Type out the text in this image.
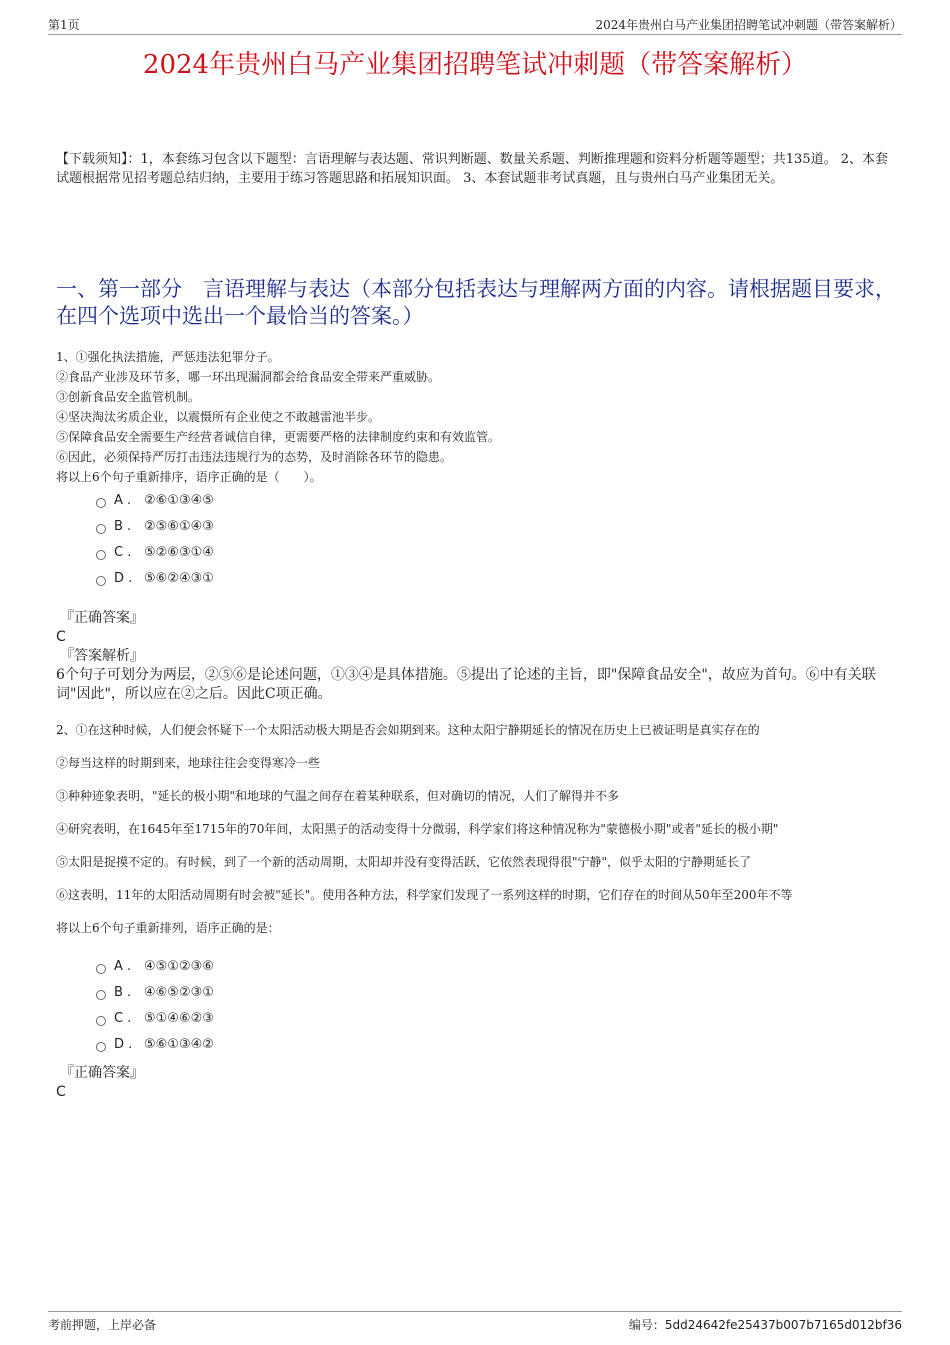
第1页	2024年贵州白马产业集团招聘笔试冲刺题（带答案解析）
2024年贵州白马产业集团招聘笔试冲刺题（带答案解析）
【下载须知】：1，本套练习包含以下题型：言语理解与表达题、常识判断题、数量关系题、判断推理题和资料分析题等题型；共135道。 2、本套试题根据常见招考题总结归纳，主要用于练习答题思路和拓展知识面。 3、本套试题非考试真题，且与贵州白马产业集团无关。
一、第一部分　言语理解与表达（本部分包括表达与理解两方面的内容。请根据题目要求，在四个选项中选出一个最恰当的答案。）
1、①强化执法措施，严惩违法犯罪分子。
②食品产业涉及环节多，哪一环出现漏洞都会给食品安全带来严重威胁。
③创新食品安全监管机制。
④坚决淘汰劣质企业，以震慑所有企业使之不敢越雷池半步。
⑤保障食品安全需要生产经营者诚信自律，更需要严格的法律制度约束和有效监管。
⑥因此，必须保持严厉打击违法违规行为的态势，及时消除各环节的隐患。
将以上6个句子重新排序，语序正确的是（　　）。
A . ②⑥①③④⑤
B . ②⑤⑥①④③
C . ⑤②⑥③①④
D . ⑤⑥②④③①
『正确答案』
C
『答案解析』
6个句子可划分为两层，②⑤⑥是论述问题，①③④是具体措施。⑤提出了论述的主旨，即"保障食品安全"，故应为首句。⑥中有关联词"因此"，所以应在②之后。因此C项正确。

2、①在这种时候，人们便会怀疑下一个太阳活动极大期是否会如期到来。这种太阳宁静期延长的情况在历史上已被证明是真实存在的

②每当这样的时期到来，地球往往会变得寒冷一些

③种种迹象表明，"延长的极小期"和地球的气温之间存在着某种联系，但对确切的情况，人们了解得并不多

④研究表明，在1645年至1715年的70年间，太阳黑子的活动变得十分微弱，科学家们将这种情况称为"蒙德极小期"或者"延长的极小期"

⑤太阳是捉摸不定的。有时候，到了一个新的活动周期，太阳却并没有变得活跃，它依然表现得很"宁静"，似乎太阳的宁静期延长了

⑥这表明，11年的太阳活动周期有时会被"延长"。使用各种方法，科学家们发现了一系列这样的时期，它们存在的时间从50年至200年不等

将以上6个句子重新排列，语序正确的是：

A . ④⑤①②③⑥
B . ④⑥⑤②③①
C . ⑤①④⑥②③
D . ⑤⑥①③④②
『正确答案』
C
考前押题，上岸必备	编号：5dd24642fe25437b007b7165d012bf36
